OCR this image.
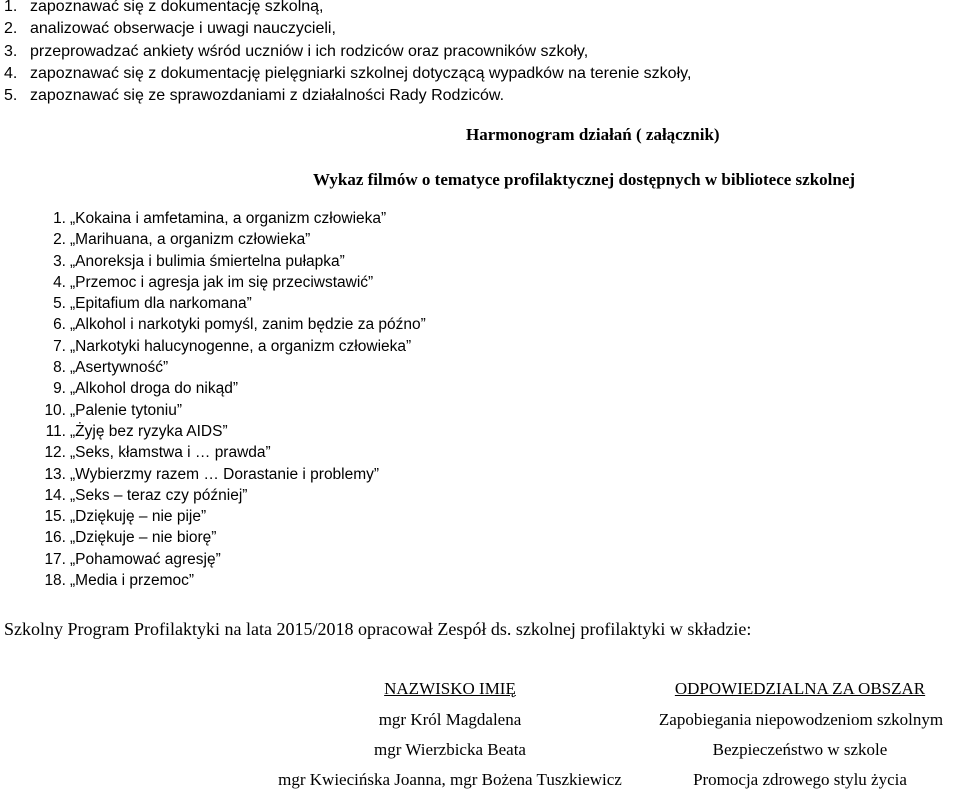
1. zapoznawać się z dokumentację szkolną,
2. analizować obserwacje i uwagi nauczycieli,
3. przeprowadzać ankiety wśród uczniów i ich rodziców oraz pracowników szkoły,
4. zapoznawać się z dokumentację pielęgniarki szkolnej dotyczącą wypadków na terenie szkoły,
5. zapoznawać się ze sprawozdaniami z działalności Rady Rodziców.
Harmonogram działań ( załącznik)
Wykaz filmów o tematyce profilaktycznej dostępnych w bibliotece szkolnej
1. „Kokaina i amfetamina, a organizm człowieka”
2. „Marihuana, a organizm człowieka”
3. „Anoreksja i bulimia śmiertelna pułapka”
4. „Przemoc i agresja jak im się przeciwstawić”
5. „Epitafium dla narkomana”
6. „Alkohol i narkotyki pomyśl, zanim będzie za późno”
7. „Narkotyki halucynogenne, a organizm człowieka”
8. „Asertywność”
9. „Alkohol droga do nikąd”
10. „Palenie tytoniu”
11. „Żyję bez ryzyka AIDS”
12. „Seks, kłamstwa i … prawda”
13. „Wybierzmy razem … Dorastanie i problemy”
14. „Seks – teraz czy później”
15. „Dziękuję – nie pije”
16. „Dziękuje – nie biorę”
17. „Pohamować agresję”
18. „Media i przemoc”
Szkolny Program Profilaktyki na lata 2015/2018 opracował Zespół ds. szkolnej profilaktyki w składzie:
NAZWISKO IMIĘ	ODPOWIEDZIALNA ZA OBSZAR
mgr Król Magdalena	Zapobiegania niepowodzeniom szkolnym
mgr Wierzbicka Beata	Bezpieczeństwo w szkole
mgr Kwiecińska Joanna, mgr Bożena Tuszkiewicz	Promocja zdrowego stylu życia
